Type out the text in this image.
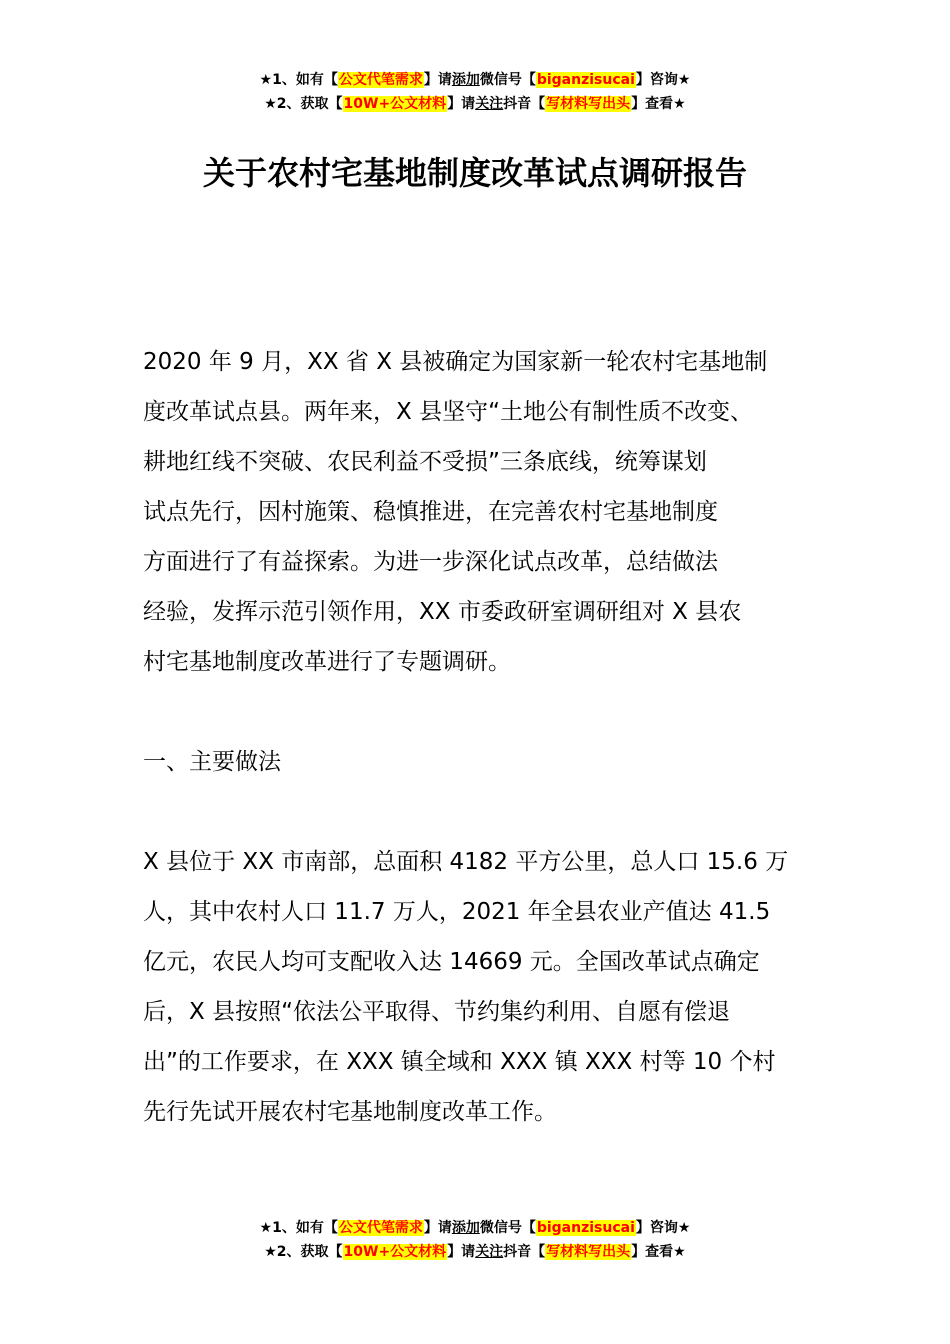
★1、如有【公文代笔需求】请添加微信号【biganzisucai】咨询★
★2、获取【10W+公文材料】请关注抖音【写材料写出头】查看★
关于农村宅基地制度改革试点调研报告
2020 年 9 月，XX 省 X 县被确定为国家新一轮农村宅基地制
度改革试点县。两年来，X 县坚守“土地公有制性质不改变、
耕地红线不突破、农民利益不受损”三条底线，统筹谋划
试点先行，因村施策、稳慎推进，在完善农村宅基地制度
方面进行了有益探索。为进一步深化试点改革，总结做法
经验，发挥示范引领作用，XX 市委政研室调研组对 X 县农
村宅基地制度改革进行了专题调研。
一、主要做法
X 县位于 XX 市南部，总面积 4182 平方公里，总人口 15.6 万
人，其中农村人口 11.7 万人，2021 年全县农业产值达 41.5
亿元，农民人均可支配收入达 14669 元。全国改革试点确定
后，X 县按照“依法公平取得、节约集约利用、自愿有偿退
出”的工作要求，在 XXX 镇全域和 XXX 镇 XXX 村等 10 个村
先行先试开展农村宅基地制度改革工作。
★1、如有【公文代笔需求】请添加微信号【biganzisucai】咨询★
★2、获取【10W+公文材料】请关注抖音【写材料写出头】查看★
